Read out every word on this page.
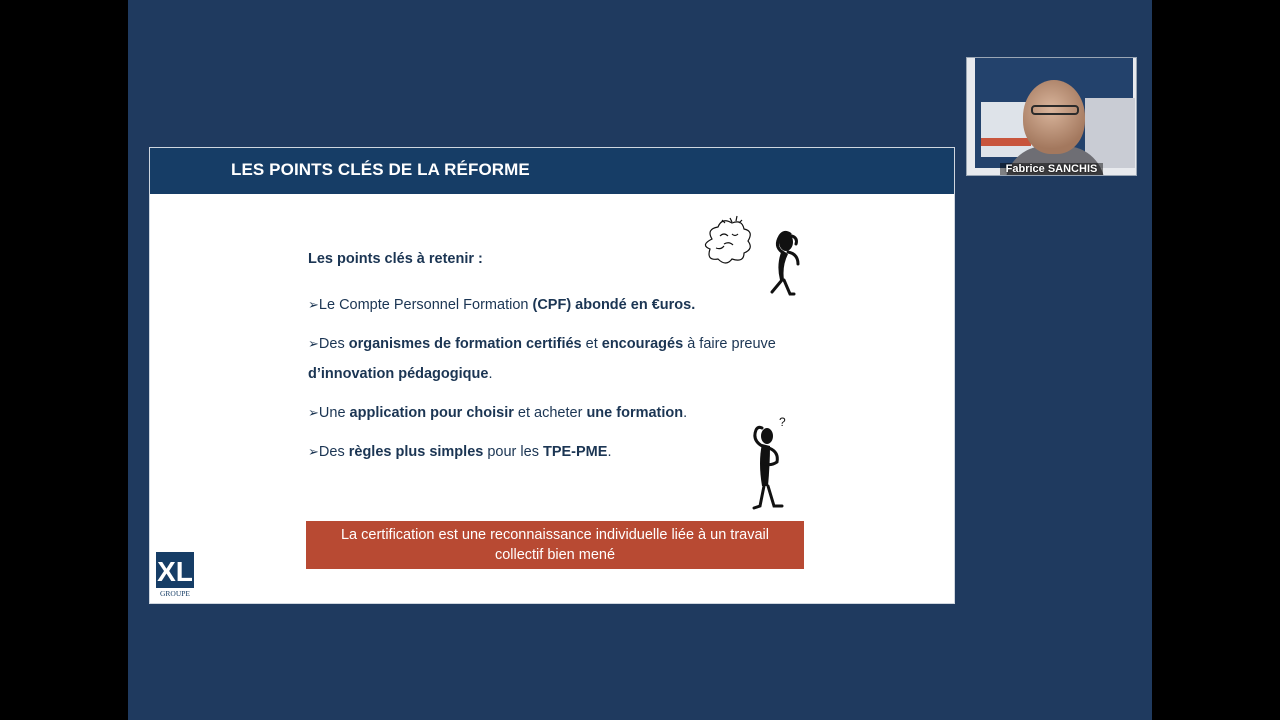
LES POINTS CLÉS DE LA RÉFORME
Les points clés à retenir :
➢Le Compte Personnel Formation (CPF) abondé en €uros.
➢Des organismes de formation certifiés et encouragés à faire preuve d’innovation pédagogique.
➢Une application pour choisir et acheter une formation.
➢Des règles plus simples pour les TPE-PME.
La certification est une reconnaissance individuelle liée à un travail
collectif bien mené
XL
GROUPE
?
Fabrice SANCHIS
